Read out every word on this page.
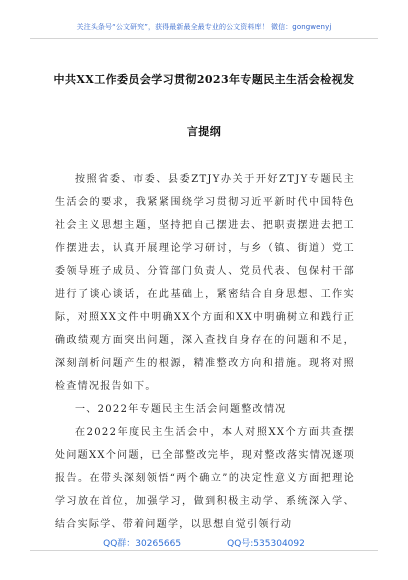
关注头条号“公文研究”，获得最新最全最专业的公文资料库！ 微信：gongwenyj
中共XX工作委员会学习贯彻2023年专题民主生活会检视发
言提纲

按照省委、市委、县委ZTJY办关于开好ZTJY专题民主生活会的要求，我紧紧围绕学习贯彻习近平新时代中国特色社会主义思想主题，坚持把自己摆进去、把职责摆进去把工作摆进去，认真开展理论学习研讨，与乡（镇、街道）党工委领导班子成员、分管部门负责人、党员代表、包保村干部进行了谈心谈话，在此基础上，紧密结合自身思想、工作实际，对照XX文件中明确XX个方面和XX中明确树立和践行正确政绩观方面突出问题，深入查找自身存在的问题和不足，深刻剖析问题产生的根源，精准整改方向和措施。现将对照检查情况报告如下。

一、2022年专题民主生活会问题整改情况

在2022年度民主生活会中，本人对照XX个方面共查摆处问题XX个问题，已全部整改完毕，现对整改落实情况逐项报告。在带头深刻领悟“两个确立”的决定性意义方面把理论学习放在首位，加强学习，做到积极主动学、系统深入学、结合实际学、带着问题学，以思想自觉引领行动

QQ群：30265665	QQ号:535304092
